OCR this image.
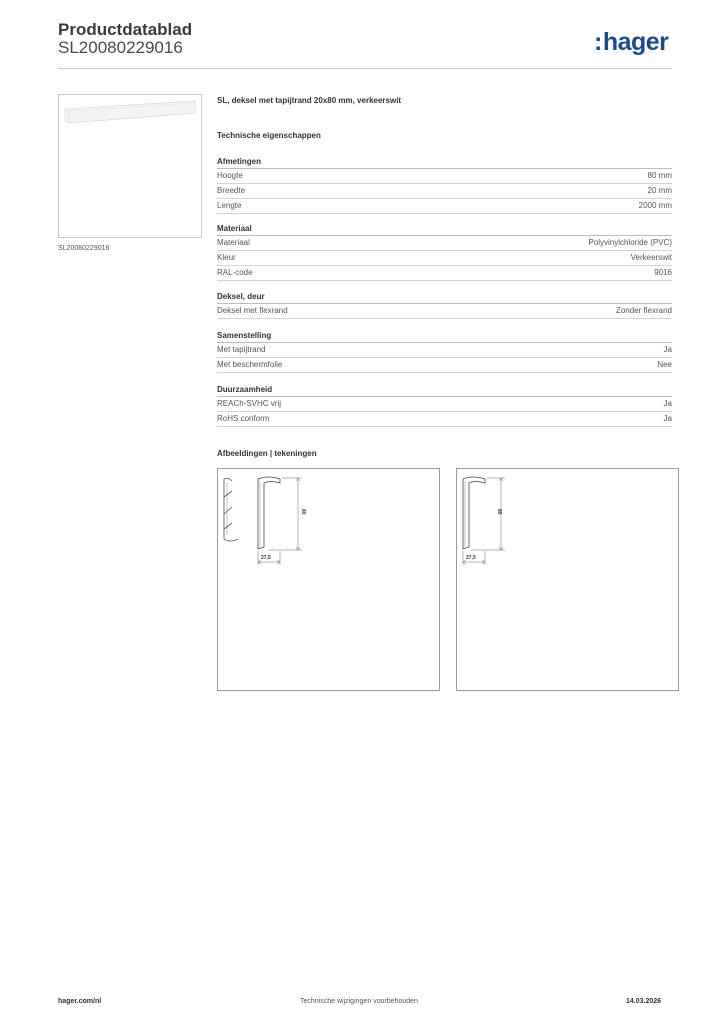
Productdatablad
SL20080229016	:hager
SL20080229016
SL, deksel met tapijtrand 20x80 mm, verkeerswit
Technische eigenschappen
Afmetingen
Hoogte	80 mm
Breedte	20 mm
Lengte	2000 mm
Materiaal
Materiaal	Polyvinylchloride (PVC)
Kleur	Verkeerswit
RAL-code	9016
Deksel, deur
Deksel met flexrand	Zonder flexrand
Samenstelling
Met tapijtrand	Ja
Met beschermfolie	Nee
Duurzaamheid
REACh-SVHC vrij	Ja
RoHS conform	Ja
Afbeeldingen | tekeningen
80
27,5
80
27,5
hager.com/nl	Technische wijzigingen voorbehouden	14.03.2026
